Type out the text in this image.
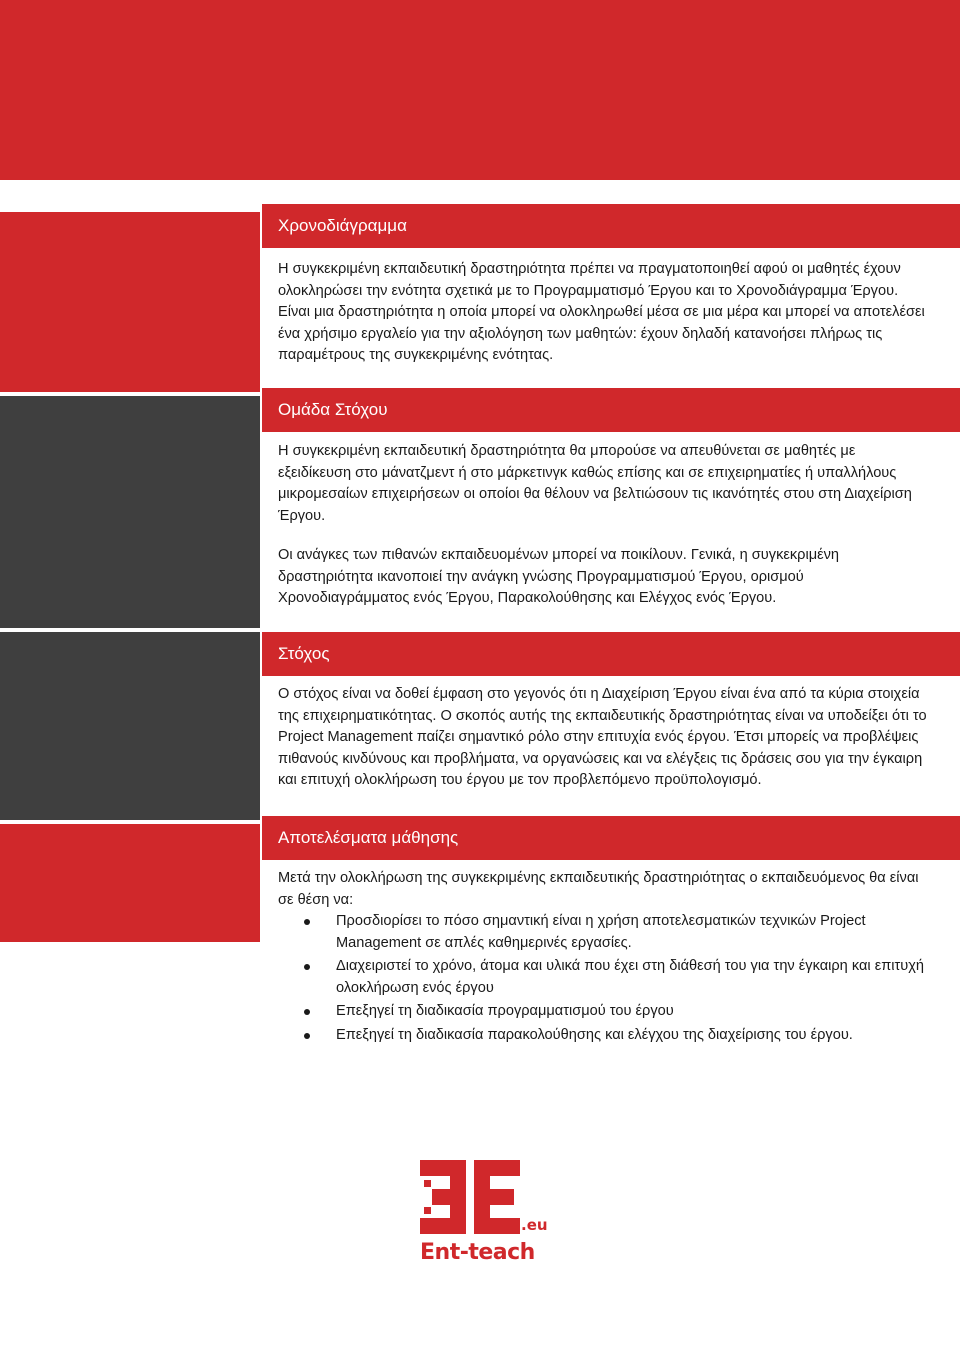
Χρονοδιάγραμμα

Η συγκεκριμένη εκπαιδευτική δραστηριότητα πρέπει να πραγματοποιηθεί αφού οι μαθητές έχουν ολοκληρώσει την ενότητα σχετικά με το Προγραμματισμό Έργου και το Χρονοδιάγραμμα Έργου. Είναι μια δραστηριότητα η οποία μπορεί να ολοκληρωθεί μέσα σε μια μέρα και μπορεί να αποτελέσει ένα χρήσιμο εργαλείο για την αξιολόγηση των μαθητών: έχουν δηλαδή κατανοήσει πλήρως τις παραμέτρους της συγκεκριμένης ενότητας.

Ομάδα Στόχου

Η συγκεκριμένη εκπαιδευτική δραστηριότητα θα μπορούσε να απευθύνεται σε μαθητές με εξειδίκευση στο μάνατζμεντ ή στο μάρκετινγκ καθώς επίσης και σε επιχειρηματίες ή υπαλλήλους μικρομεσαίων επιχειρήσεων οι οποίοι θα θέλουν να βελτιώσουν τις ικανότητές στου στη Διαχείριση Έργου.

Οι ανάγκες των πιθανών εκπαιδευομένων μπορεί να ποικίλουν. Γενικά, η συγκεκριμένη δραστηριότητα ικανοποιεί την ανάγκη γνώσης Προγραμματισμού Έργου, ορισμού Χρονοδιαγράμματος ενός Έργου, Παρακολούθησης και Ελέγχος ενός Έργου.

Στόχος

Ο στόχος είναι να δοθεί έμφαση στο γεγονός ότι η Διαχείριση Έργου είναι ένα από τα κύρια στοιχεία της επιχειρηματικότητας. Ο σκοπός αυτής της εκπαιδευτικής δραστηριότητας είναι να υποδείξει ότι το Project Management παίζει σημαντικό ρόλο στην επιτυχία ενός έργου. Έτσι μπορείς να προβλέψεις πιθανούς κινδύνους και προβλήματα, να οργανώσεις και να ελέγξεις τις δράσεις σου για την έγκαιρη και επιτυχή ολοκλήρωση του έργου με τον προβλεπόμενο προϋπολογισμό.

Αποτελέσματα μάθησης

Μετά την ολοκλήρωση της συγκεκριμένης εκπαιδευτικής δραστηριότητας ο εκπαιδευόμενος θα είναι σε θέση να:

Προσδιορίσει το πόσο σημαντική είναι η χρήση αποτελεσματικών τεχνικών Project Management σε απλές καθημερινές εργασίες.
Διαχειριστεί το χρόνο, άτομα και υλικά που έχει στη διάθεσή του για την έγκαιρη και επιτυχή ολοκλήρωση ενός έργου
Επεξηγεί τη διαδικασία προγραμματισμού του έργου
Επεξηγεί τη διαδικασία παρακολούθησης και ελέγχου της διαχείρισης του έργου.
.eu
Ent-teach
